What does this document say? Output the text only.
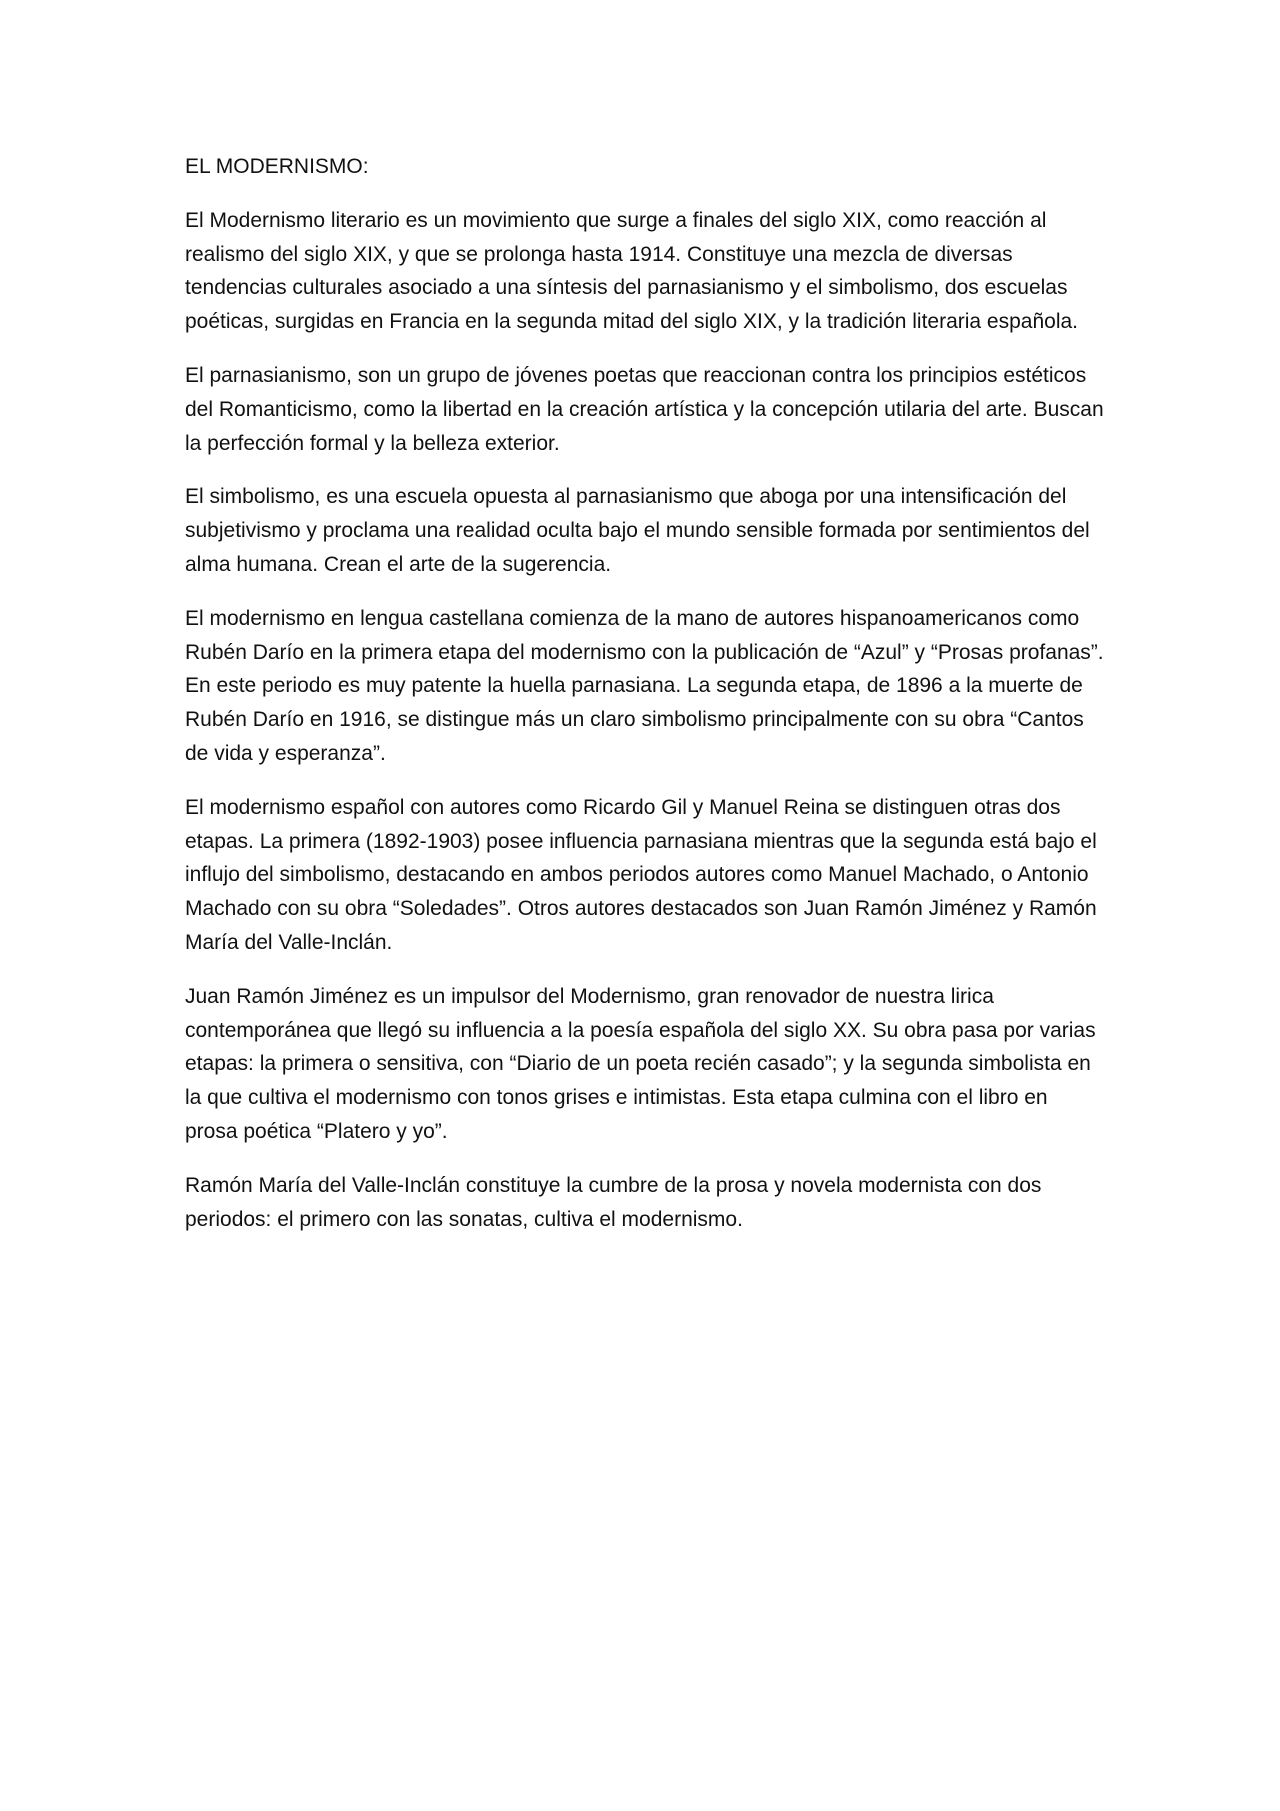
EL MODERNISMO:

El Modernismo literario es un movimiento que surge a finales del siglo XIX, como reacción al realismo del siglo XIX, y que se prolonga hasta 1914. Constituye una mezcla de diversas tendencias culturales asociado a una síntesis del parnasianismo y el simbolismo, dos escuelas poéticas, surgidas en Francia en la segunda mitad del siglo XIX, y la tradición literaria española.

El parnasianismo, son un grupo de jóvenes poetas que reaccionan contra los principios estéticos del Romanticismo, como la libertad en la creación artística y la concepción utilaria del arte. Buscan la perfección formal y la belleza exterior.

El simbolismo, es una escuela opuesta al parnasianismo que aboga por una intensificación del subjetivismo y proclama una realidad oculta bajo el mundo sensible formada por sentimientos del alma humana. Crean el arte de la sugerencia.

El modernismo en lengua castellana comienza de la mano de autores hispanoamericanos como Rubén Darío en la primera etapa del modernismo con la publicación de “Azul” y “Prosas profanas”. En este periodo es muy patente la huella parnasiana. La segunda etapa, de 1896 a la muerte de Rubén Darío en 1916, se distingue más un claro simbolismo principalmente con su obra “Cantos de vida y esperanza”.

El modernismo español con autores como Ricardo Gil y Manuel Reina se distinguen otras dos etapas. La primera (1892-1903) posee influencia parnasiana mientras que la segunda está bajo el influjo del simbolismo, destacando en ambos periodos autores como Manuel Machado, o Antonio Machado con su obra “Soledades”. Otros autores destacados son Juan Ramón Jiménez y Ramón María del Valle-Inclán.

Juan Ramón Jiménez es un impulsor del Modernismo, gran renovador de nuestra lirica contemporánea que llegó su influencia a la poesía española del siglo XX. Su obra pasa por varias etapas: la primera o sensitiva, con “Diario de un poeta recién casado”; y la segunda simbolista en la que cultiva el modernismo con tonos grises e intimistas. Esta etapa culmina con el libro en prosa poética “Platero y yo”.

Ramón María del Valle-Inclán constituye la cumbre de la prosa y novela modernista con dos periodos: el primero con las sonatas, cultiva el modernismo.
